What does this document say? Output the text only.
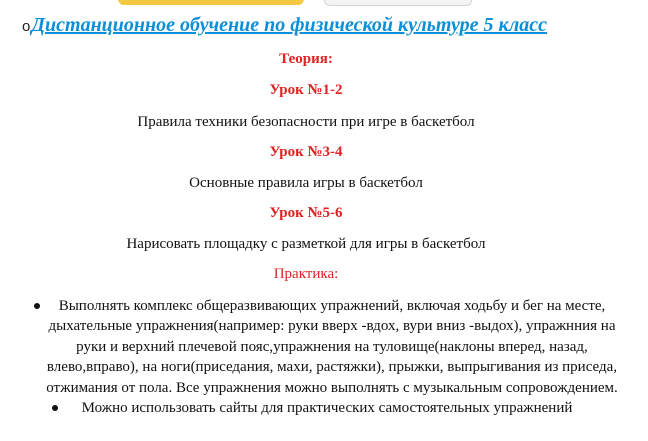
o Дистанционное обучение по физической культуре 5 класс
Теория:
Урок №1-2
Правила техники безопасности при игре в баскетбол
Урок №3-4
Основные правила игры в баскетбол
Урок №5-6
Нарисовать площадку с разметкой для игры в баскетбол
Практика:
Выполнять комплекс общеразвивающих упражнений, включая ходьбу и бег на месте, дыхательные упражнения(например: руки вверх -вдох, вури вниз -выдох), упражнния на руки и верхний плечевой пояс,упражнения на туловище(наклоны вперед, назад, влево,вправо), на ноги(приседания, махи, растяжки), прыжки, выпрыгивания из приседа, отжимания от пола. Все упражнения можно выполнять с музыкальным сопровождением.
Можно использовать сайты для практических самостоятельных упражнений
